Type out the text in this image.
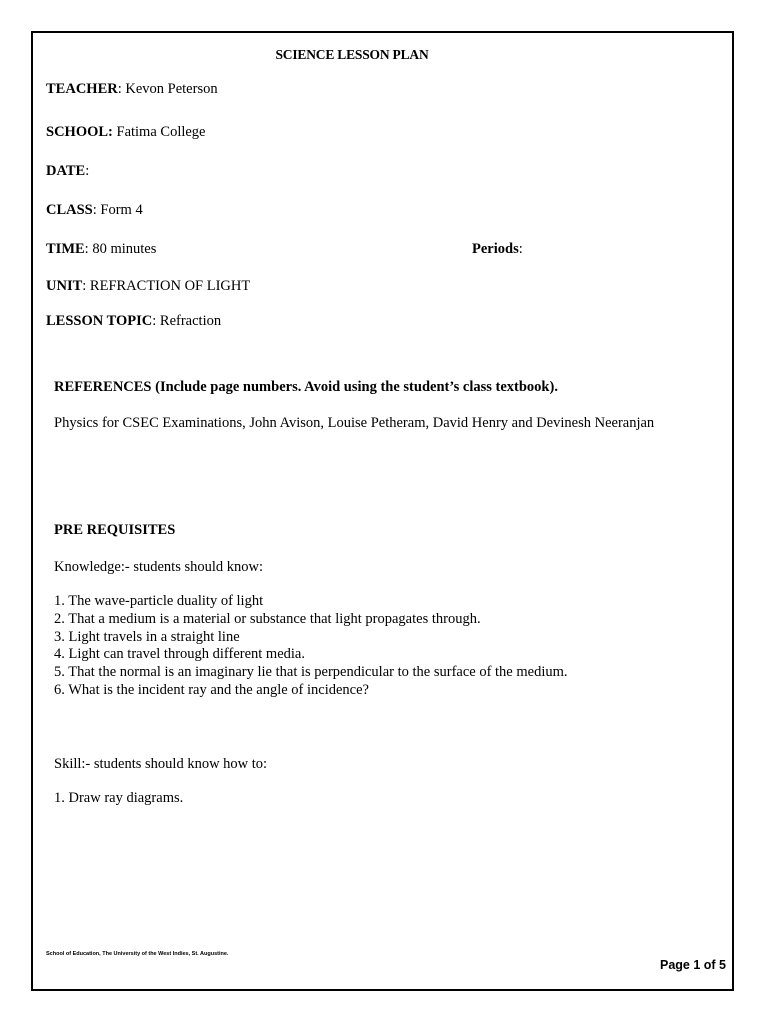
SCIENCE LESSON PLAN
TEACHER: Kevon Peterson
SCHOOL: Fatima College
DATE:
CLASS: Form 4
TIME: 80 minutes	Periods:
UNIT: REFRACTION OF LIGHT
LESSON TOPIC: Refraction
REFERENCES (Include page numbers. Avoid using the student’s class textbook).
Physics for CSEC Examinations, John Avison, Louise Petheram, David Henry and Devinesh Neeranjan
PRE REQUISITES
Knowledge:- students should know:
1. The wave-particle duality of light
2. That a medium is a material or substance that light propagates through.
3. Light travels in a straight line
4. Light can travel through different media.
5. That the normal is an imaginary lie that is perpendicular to the surface of the medium.
6. What is the incident ray and the angle of incidence?
Skill:- students should know how to:
1. Draw ray diagrams.
School of Education, The University of the West Indies, St. Augustine.
Page 1 of 5
